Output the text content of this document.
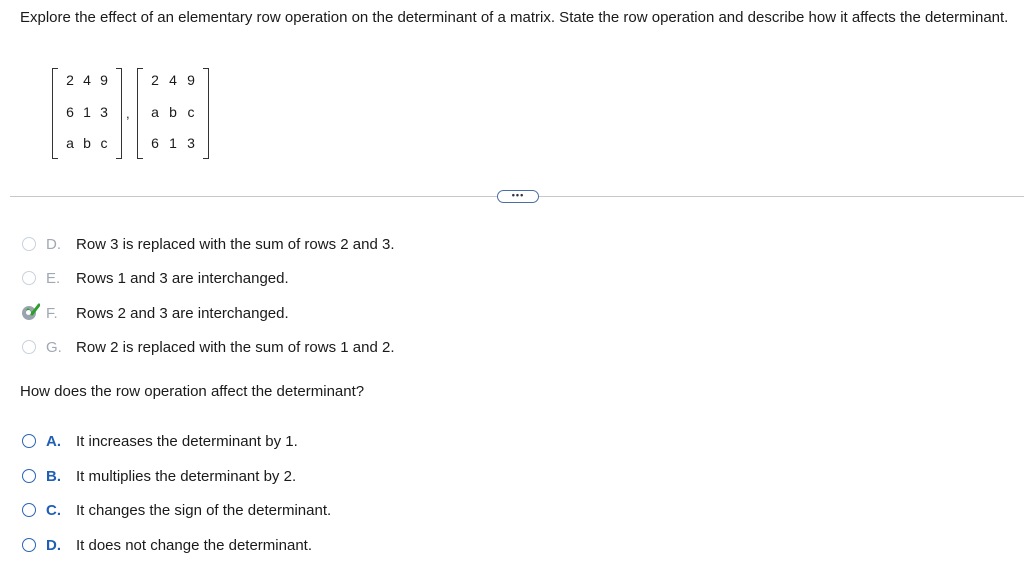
Explore the effect of an elementary row operation on the determinant of a matrix. State the row operation and describe how it affects the determinant.
2 4 9
6 1 3
a b c
,
2 4 9
a b c
6 1 3
•••
D.	Row 3 is replaced with the sum of rows 2 and 3.
E.	Rows 1 and 3 are interchanged.
F.	Rows 2 and 3 are interchanged.
G. Row 2 is replaced with the sum of rows 1 and 2.
How does the row operation affect the determinant?
A.	It increases the determinant by 1.
B.	It multiplies the determinant by 2.
C.	It changes the sign of the determinant.
D.	It does not change the determinant.
